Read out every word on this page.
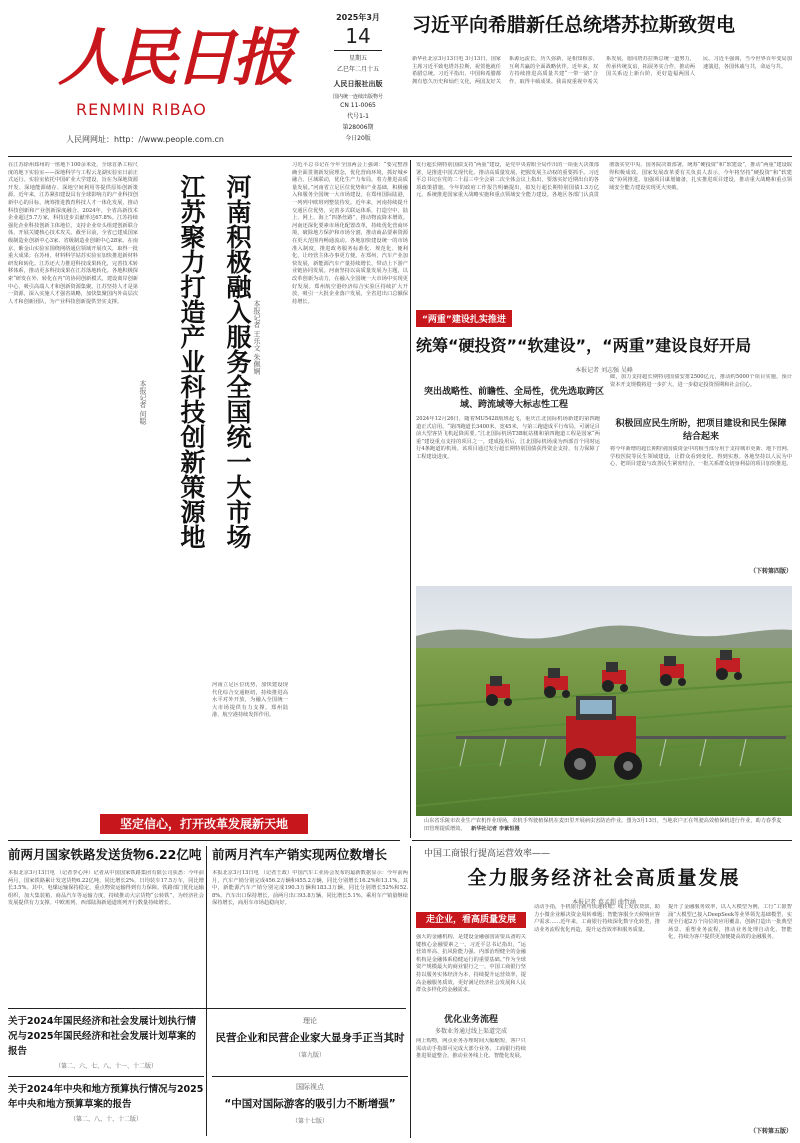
人民日报
RENMIN RIBAO
人民网网址：http：//www.people.com.cn
2025年3月
14
星期五
乙巳年二月十五
人民日报社出版
国内统一连续出版物号
CN 11-0065
代号1-1
第28006期
今日20版
习近平向希腊新任总统塔苏拉斯致贺电
新华社北京3月13日电 3月13日，国家主席习近平致电塔苏拉斯，祝贺他就任希腊总统。习近平指出，中国和希腊都拥有悠久历史和灿烂文化，两国友好关系源远流长，历久弥新，是相知相亲、互利共赢的全面战略伙伴。近年来，双方持续推进高质量共建“一带一路”合作，取得丰硕成果。我高度重视中希关系发展，愿同塔苏拉斯总统一道努力，传承传统友谊，拓展务实合作，推动两国关系迈上新台阶，更好造福两国人民。习近平强调，当今世界百年变局加速演进，各国休戚与共，命运与共。
江苏聚力打造产业科技创新策源地
在江苏徐州邳州的一座地下100余米处，全球首条工程尺度的地下实验室——深地科学与工程云龙湖实验室日前正式运行。实验室依托中国矿业大学建设，旨在为深地资源开发、深地能源储存、深地空间利用等提供原始创新策源。近年来，江苏紧扣建设具有全球影响力的产业科技创新中心的目标，统筹推进教育科技人才一体化发展，推动科技创新和产业创新深度融合。2024年，全省高新技术企业超过5.7万家，科技进步贡献率达67.8%。江苏持续强化企业科技创新主体地位，支持企业牵头组建创新联合体，开展关键核心技术攻关。截至目前，全省已建成国家级制造业创新中心3家、省级制造业创新中心28家。在南京，紫金山实验室围绕网络通信领域开展攻关，取得一批重大成果；在苏州，材料科学姑苏实验室加快推进新材料研发和转化。江苏还大力推进科技成果转化，完善技术转移体系，推动更多科技成果在江苏落地转化。各地积极探索“研发在外、转化在内”的协同创新模式，建设离岸创新中心，吸引高端人才和创新资源集聚。江苏坚持人才是第一资源，深入实施人才强省战略，加快集聚国内外高层次人才和创新团队，为产业科技创新提供坚实支撑。	河南积极融入服务全国统一大市场
习近平总书记在今年全国两会上强调：“要完整准确全面贯彻新发展理念，优化营商环境，抓好城乡融合、区域联动，优化生产力布局，着力推进高质量发展。”河南省立足区位优势和产业基础，积极融入和服务全国统一大市场建设。在郑州国际陆港，一列列中欧班列整装待发。近年来，河南持续提升交通区位优势，完善多式联运体系，打造空中、陆上、网上、海上“四条丝路”，推动物流降本增效。河南还深化要素市场化配置改革，持续优化营商环境，破除地方保护和市场分割，推动商品要素资源在更大范围内畅通流动。各地加快建设统一的市场准入制度，推进政务服务标准化、规范化、便利化，让经营主体办事更方便。在郑州，汽车产业加快发展，新能源汽车产量持续增长，带动上下游产业链协同发展。河南坚持以高质量发展为主题，以改革创新为动力，在融入全国统一大市场中实现更好发展。郑州航空港经济综合实验区持续扩大开放，吸引一大批企业落户发展，全省进出口总额保持增长。
河南立足区位优势，加快建设现代化综合交通枢纽，持续推进高水平对外开放，为融入全国统一大市场提供有力支撑。郑州陆港、航空港持续发挥作用。
本报记者 何聪
本报记者 王乐文 朱佩娴
坚定信心，打开改革发展新天地
发行超长期特别国债支持“两重”建设，是党中央着眼全局作出的一项重大决策部署，是推进中国式现代化、推动高质量发展、把握发展主动权的重要抓手。习近平总书记在党的二十届三中全会第二次全体会议上指出，要落实好近期出台的各项政策措施。今年的政府工作报告明确提出，拟发行超长期特别国债1.3万亿元，系统推进国家重大战略实施和重点领域安全能力建设。各地区各部门认真贯彻落实党中央、国务院决策部署，统筹“硬投资”和“软建设”，推动“两重”建设取得积极成效。国家发展改革委有关负责人表示，今年将坚持“硬投资”和“软建设”协同推进，加强项目谋划储备，扎实推进项目建设，推动重大战略和重点领域安全能力建设实现更大突破。
“两重”建设扎实推进
统筹“硬投资”“软建设”，“两重”建设良好开局
本报记者 刘志强 吴峰
突出战略性、前瞻性、全局性，优先选取跨区域、跨流域等大标志性工程
2024年12月26日，随着MU5428航班起飞，重庆江北国际机场新建的第四跑道正式启用。“第四跑道长3400米、宽45米，与第三跑道成平行布局，可满足目前大型客货飞机起降需要。”江北国际机场T3B航站楼和第四跑道工程是国家“两重”建设重点支持的项目之一。建成投用后，江北国际机场成为西部首个同时运行4条跑道的机场。该项目通过发行超长期特别国债获得资金支持，有力保障了工程建设进度。
础，加力支持超长期特别国债安排2500亿元，推动约5000个项目实施，预计资本开支规模将进一步扩大，进一步稳定投资预期和社会信心。
积极回应民生所盼，把项目建设和民生保障结合起来
将今年新增的超长期特别国债资金中的相当部分用于支持城市更新、地下管网、学校医院等民生领域建设，让群众看到变化、得到实惠。各地坚持以人民为中心，把项目建设与改善民生紧密结合，一批关系群众切身利益的项目加快推进。
（下转第四版）
山东省乐陵市农业生产农机作业现场，农机手驾驶植保机在麦田里开展病虫害防治作业。图为3月13日，当地农户正在驾驶高效植保机进行作业，助力春季麦田管理提质增效。 新华社记者 李紫恒摄
中国工商银行提高运营效率——
全力服务经济社会高质量发展
本报记者 葛孟超 曲哲涵
走企业，看高质量发展
强大的金融机构，是建设金融强国需要具备的关键核心金融要素之一。习近平总书记指出，“运营效率高、抗风险能力强、内部治理健全的金融机构是金融体系稳健运行的重要基础。”作为全球资产规模最大的商业银行之一，中国工商银行坚持以服务实体经济为本，持续提升运营效率，提高金融服务质效，更好满足经济社会发展和人民群众多样化的金融需求。
优化业务流程
多数业务通过线上渠道完成
网上购物，网点业务办理时间大幅缩短，客户只需动动手指即可完成大部分业务。工商银行持续推进渠道整合，推动业务线上化、智能化发展。
动动手指，手机银行就可快速转账；线上发放贷款，助力小微企业解决资金周转难题；智能客服全天候响应客户需求……近年来，工商银行持续深化数字化转型，推动业务流程优化再造，提升运营效率和服务质量。
提升了金融服务效率，以人大模型为例，工行“工银智涌”大模型已接入DeepSeek等业界领先基础模型，实现全行超2万个岗位的应用覆盖，创新打造出一批典型场景。重塑业务流程，推动业务处理自动化、智能化，持续为客户提供更加便捷高效的金融服务。
（下转第五版）
前两月国家铁路发送货物6.22亿吨
本报北京3月13日电 （记者李心萍）记者从中国国家铁路集团有限公司获悉：今年前两月，国家铁路累计发送货物6.22亿吨，同比增长2%，日均装车17.5万车，同比增长3.5%。其中，电煤运输保持稳定，重点物资运输得到有力保障。铁路部门优化运输组织，加大集装箱、商品汽车等运输力度，持续推动大宗货物“公转铁”，为经济社会发展提供有力支撑。中欧班列、西部陆海新通道班列开行数量持续增长。
前两月汽车产销实现两位数增长
本报北京3月13日电 （记者王政）中国汽车工业协会发布的最新数据显示：今年前两月，汽车产销分别完成456.2万辆和455.2万辆，同比分别增长16.2%和13.1%。其中，新能源汽车产销分别完成190.3万辆和183.3万辆，同比分别增长52%和52.8%。汽车出口保持增长，前两月出口93.8万辆，同比增长5.1%。乘用车产销量继续保持增长，商用车市场趋稳向好。
关于2024年国民经济和社会发展计划执行情况与2025年国民经济和社会发展计划草案的报告
（第二、六、七、八、十一、十二版）
关于2024年中央和地方预算执行情况与2025年中央和地方预算草案的报告
（第二、八、十、十二版）
理论
民营企业和民营企业家大显身手正当其时
（第九版）
国际视点
“中国对国际游客的吸引力不断增强”
（第十七版）
